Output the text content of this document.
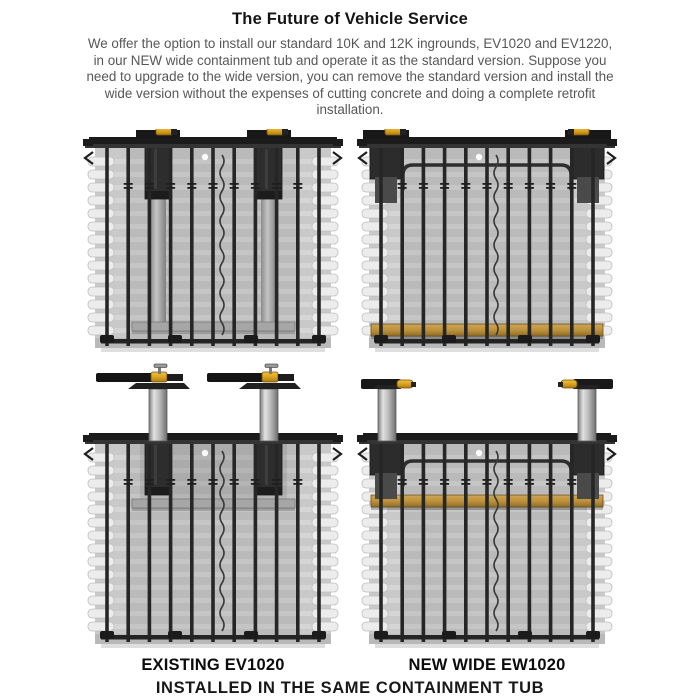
The Future of Vehicle Service

We offer the option to install our standard 10K and 12K ingrounds, EV1020 and EV1220, in our NEW wide containment tub and operate it as the standard version. Suppose you need to upgrade to the wide version, you can remove the standard version and install the wide version without the expenses of cutting concrete and doing a complete retrofit installation.

EXISTING EV1020	NEW WIDE EW1020
INSTALLED IN THE SAME CONTAINMENT TUB
